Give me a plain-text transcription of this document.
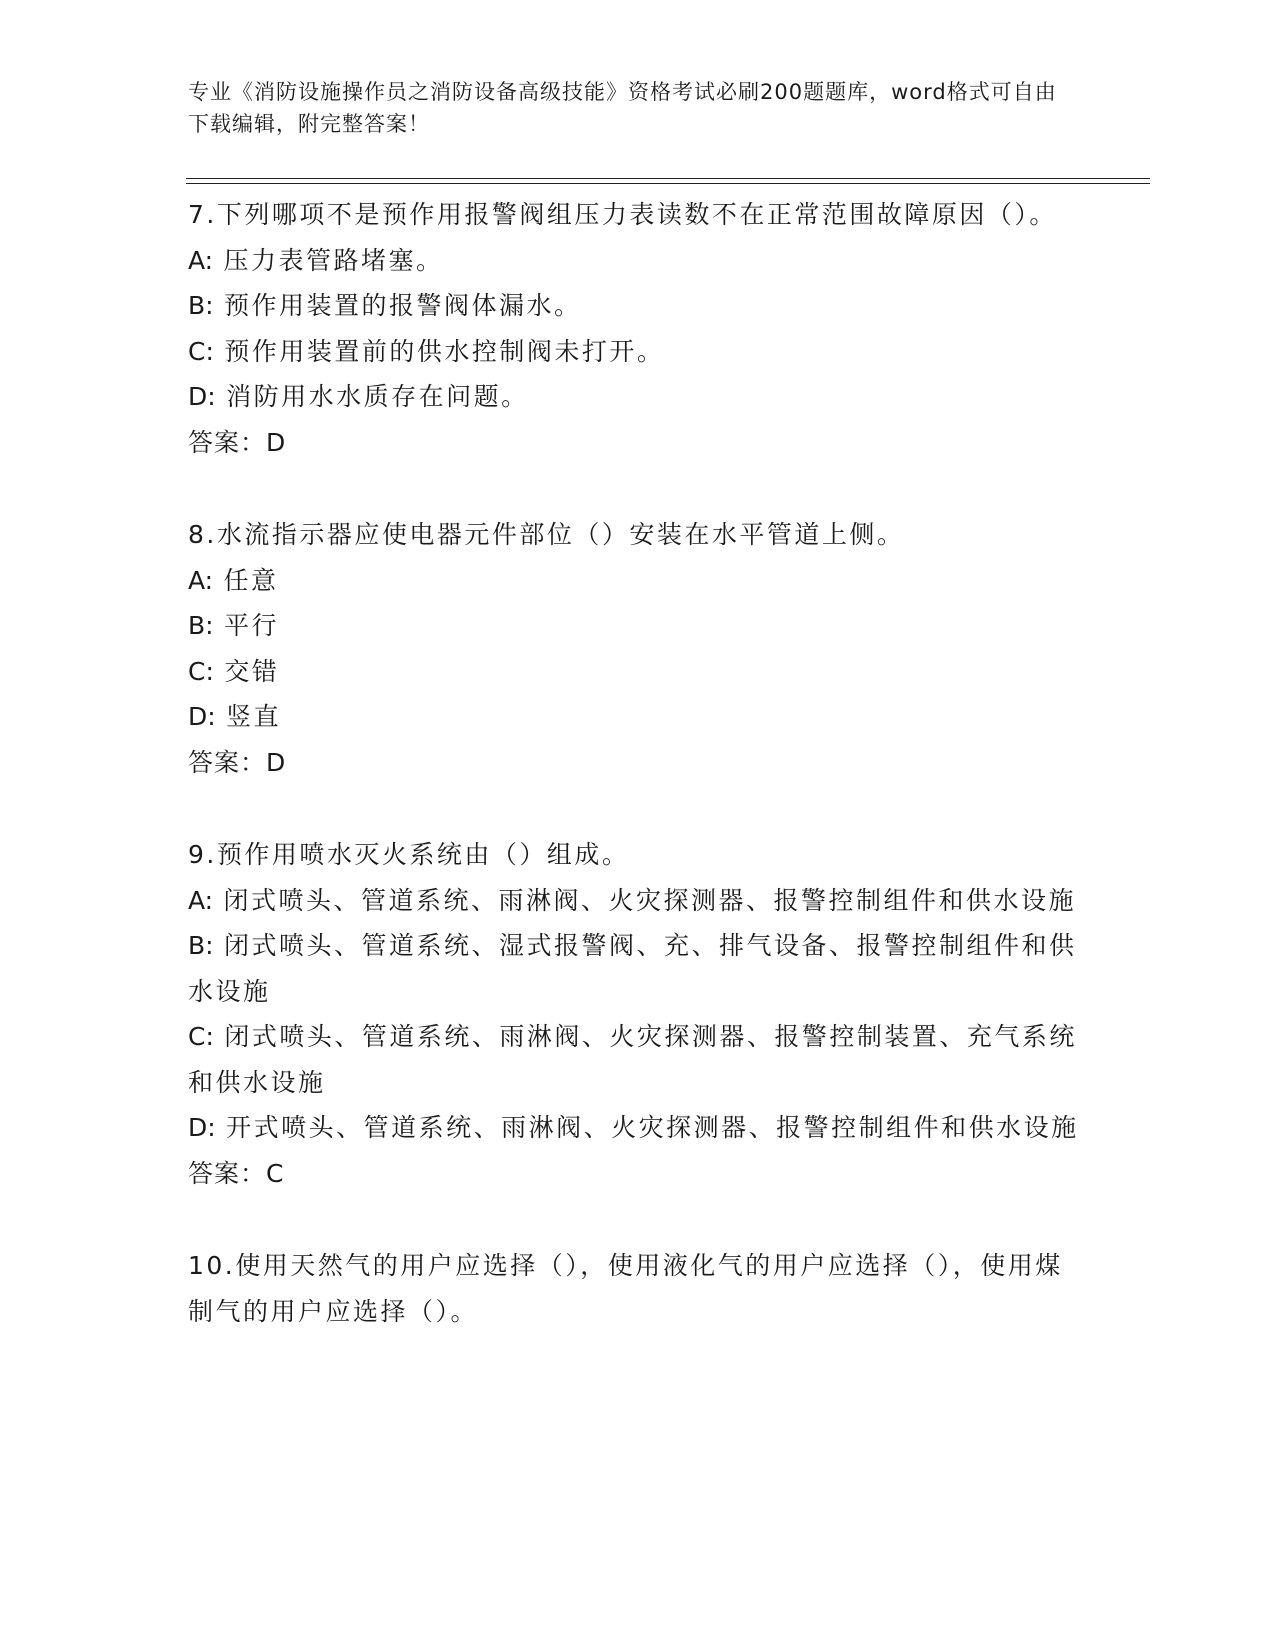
专业《消防设施操作员之消防设备高级技能》资格考试必刷200题题库，word格式可自由下载编辑，附完整答案！

7.下列哪项不是预作用报警阀组压力表读数不在正常范围故障原因（）。

A: 压力表管路堵塞。

B: 预作用装置的报警阀体漏水。

C: 预作用装置前的供水控制阀未打开。

D: 消防用水水质存在问题。

答案：D

8.水流指示器应使电器元件部位（）安装在水平管道上侧。

A: 任意

B: 平行

C: 交错

D: 竖直

答案：D

9.预作用喷水灭火系统由（）组成。

A: 闭式喷头、管道系统、雨淋阀、火灾探测器、报警控制组件和供水设施

B: 闭式喷头、管道系统、湿式报警阀、充、排气设备、报警控制组件和供水设施

C: 闭式喷头、管道系统、雨淋阀、火灾探测器、报警控制装置、充气系统和供水设施

D: 开式喷头、管道系统、雨淋阀、火灾探测器、报警控制组件和供水设施

答案：C

10.使用天然气的用户应选择（），使用液化气的用户应选择（），使用煤制气的用户应选择（）。
